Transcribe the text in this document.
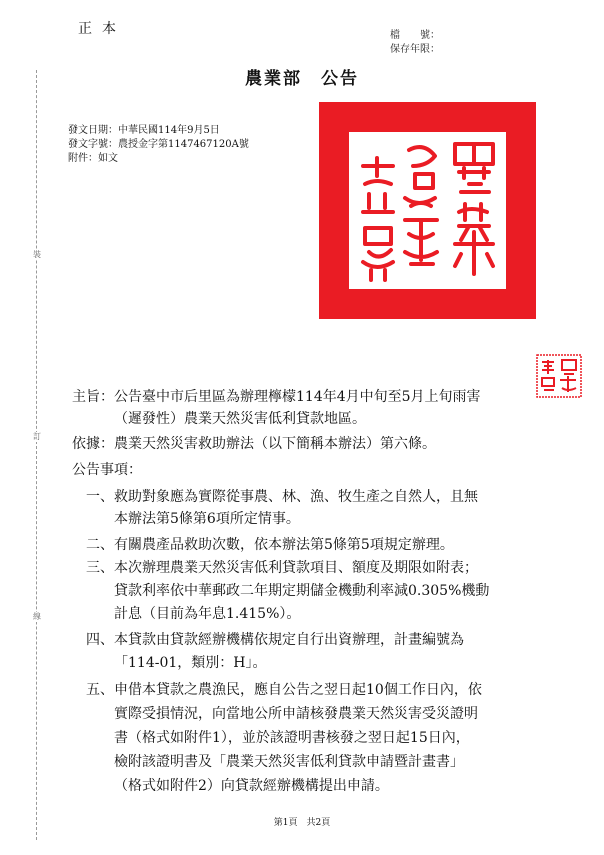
正本	檔　　號：
保存年限：
裝
訂
線
農業部　公告
發文日期：中華民國114年9月5日
發文字號：農授金字第1147467120A號
附件：如文
主旨： 公告臺中市后里區為辦理檸檬114年4月中旬至5月上旬雨害
（遲發性）農業天然災害低利貸款地區。
依據： 農業天然災害救助辦法（以下簡稱本辦法）第六條。
公告事項：
一、 救助對象應為實際從事農、林、漁、牧生產之自然人，且無
本辦法第5條第6項所定情事。
二、 有關農產品救助次數，依本辦法第5條第5項規定辦理。
三、 本次辦理農業天然災害低利貸款項目、額度及期限如附表；
貸款利率依中華郵政二年期定期儲金機動利率減0.305%機動
計息（目前為年息1.415%）。
四、 本貸款由貸款經辦機構依規定自行出資辦理，計畫編號為
「114-01，類別：H」。
五、 申借本貸款之農漁民，應自公告之翌日起10個工作日內，依
實際受損情況，向當地公所申請核發農業天然災害受災證明
書（格式如附件1），並於該證明書核發之翌日起15日內，
檢附該證明書及「農業天然災害低利貸款申請暨計畫書」
（格式如附件2）向貸款經辦機構提出申請。
第1頁　共2頁
